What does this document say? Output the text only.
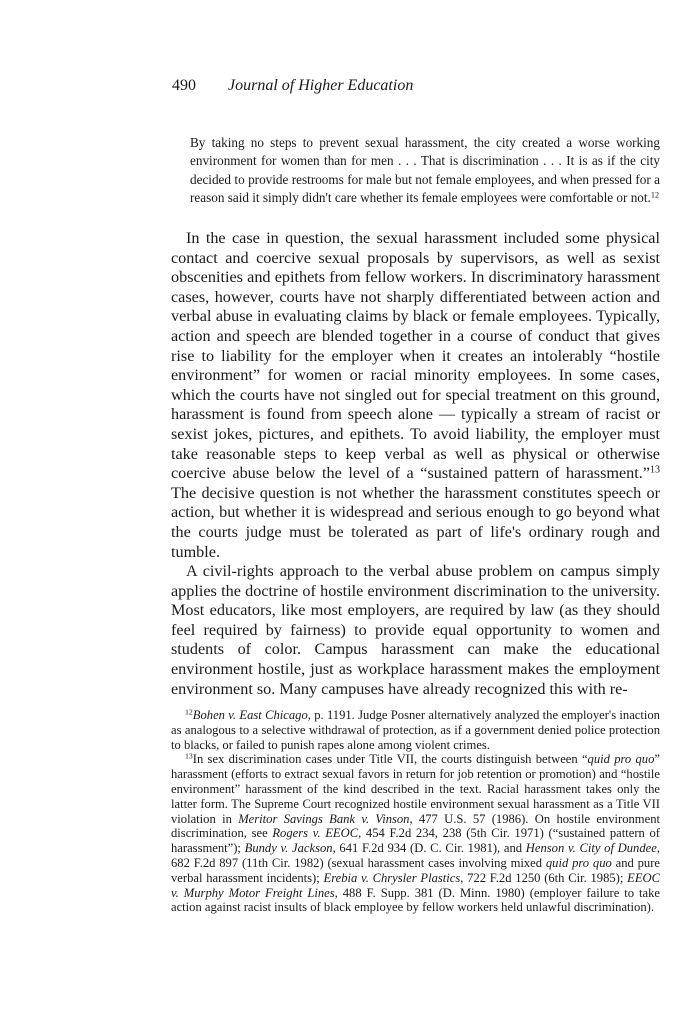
490 Journal of Higher Education
By taking no steps to prevent sexual harassment, the city created a worse working environment for women than for men . . . That is discrimination . . . It is as if the city decided to provide restrooms for male but not female employees, and when pressed for a reason said it simply didn't care whether its female employees were comfortable or not.$^{12}$

In the case in question, the sexual harassment included some physical contact and coercive sexual proposals by supervisors, as well as sexist obscenities and epithets from fellow workers. In discriminatory harassment cases, however, courts have not sharply differentiated between action and verbal abuse in evaluating claims by black or female employees. Typically, action and speech are blended together in a course of conduct that gives rise to liability for the employer when it creates an intolerably “hostile environment” for women or racial minority employees. In some cases, which the courts have not singled out for special treatment on this ground, harassment is found from speech alone — typically a stream of racist or sexist jokes, pictures, and epithets. To avoid liability, the employer must take reasonable steps to keep verbal as well as physical or otherwise coercive abuse below the level of a “sustained pattern of harassment.”$^{13}$ The decisive question is not whether the harassment constitutes speech or action, but whether it is widespread and serious enough to go beyond what the courts judge must be tolerated as part of life's ordinary rough and tumble.

A civil-rights approach to the verbal abuse problem on campus simply applies the doctrine of hostile environment discrimination to the university. Most educators, like most employers, are required by law (as they should feel required by fairness) to provide equal opportunity to women and students of color. Campus harassment can make the educational environment hostile, just as workplace harassment makes the employment environment so. Many campuses have already recognized this with re-

$^{12}$Bohen v. East Chicago, p. 1191. Judge Posner alternatively analyzed the employer's inaction as analogous to a selective withdrawal of protection, as if a government denied police protection to blacks, or failed to punish rapes alone among violent crimes.

$^{13}$In sex discrimination cases under Title VII, the courts distinguish between “quid pro quo” harassment (efforts to extract sexual favors in return for job retention or promotion) and “hostile environment” harassment of the kind described in the text. Racial harassment takes only the latter form. The Supreme Court recognized hostile environment sexual harassment as a Title VII violation in Meritor Savings Bank v. Vinson, 477 U.S. 57 (1986). On hostile environment discrimination, see Rogers v. EEOC, 454 F.2d 234, 238 (5th Cir. 1971) (“sustained pattern of harassment”); Bundy v. Jackson, 641 F.2d 934 (D. C. Cir. 1981), and Henson v. City of Dundee, 682 F.2d 897 (11th Cir. 1982) (sexual harassment cases involving mixed quid pro quo and pure verbal harassment incidents); Erebia v. Chrysler Plastics, 722 F.2d 1250 (6th Cir. 1985); EEOC v. Murphy Motor Freight Lines, 488 F. Supp. 381 (D. Minn. 1980) (employer failure to take action against racist insults of black employee by fellow workers held unlawful discrimination).
